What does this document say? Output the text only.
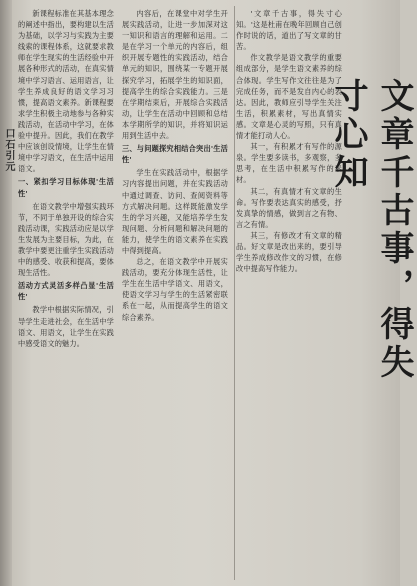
口石引元

新课程标准在其基本理念的阐述中指出，要构建以生活为基础，以学习与实践为主要线索的课程体系，这就要求教师在学生现实的生活经验中开展各种形式的活动，在真实情境中学习语言、运用语言，让学生养成良好的语文学习习惯，提高语文素养。新课程要求学生积极主动地参与各种实践活动，在活动中学习，在体验中提升。因此，我们在教学中应该创设情境，让学生在情境中学习语文，在生活中运用语文。

一、紧扣学习目标体现'生活性'

在语文教学中增强实践环节，不同于单独开设的综合实践活动课，实践活动应是以学生发展为主要目标，为此，在教学中要更注重学生实践活动中的感受、收获和提高，要体现生活性。

活动方式灵活多样凸显'生活性'

教学中根据实际情况，引导学生走进社会，在生活中学语文、用语文，让学生在实践中感受语文的魅力。

内容后，在课堂中对学生开展实践活动，让进一步加深对这一知识和语言的理解和运用。二是在学习一个单元的内容后，组织开展专题性的实践活动，结合单元的知识，围绕某一专题开展探究学习，拓展学生的知识面，提高学生的综合实践能力。三是在学期结束后，开展综合实践活动，让学生在活动中回顾和总结本学期所学的知识，并将知识运用到生活中去。

三、与问题探究相结合突出'生活性'

学生在实践活动中，根据学习内容提出问题，并在实践活动中通过调查、访问、查阅资料等方式解决问题。这样既能激发学生的学习兴趣，又能培养学生发现问题、分析问题和解决问题的能力，使学生的语文素养在实践中得到提高。

总之，在语文教学中开展实践活动，要充分体现生活性，让学生在生活中学语文、用语文，使语文学习与学生的生活紧密联系在一起，从而提高学生的语文综合素养。

'文章千古事，得失寸心知。'这是杜甫在晚年回顾自己创作时说的话，道出了写文章的甘苦。

作文教学是语文教学的重要组成部分，是学生语文素养的综合体现。学生写作文往往是为了完成任务，而不是发自内心的表达。因此，教师应引导学生关注生活，积累素材，写出真情实感。文章是心灵的写照，只有真情才能打动人心。

其一，有积累才有写作的源泉。学生要多读书，多观察，多思考，在生活中积累写作的素材。

其二，有真情才有文章的生命。写作要表达真实的感受，抒发真挚的情感，做到言之有物、言之有情。

其三，有修改才有文章的精品。好文章是改出来的，要引导学生养成修改作文的习惯，在修改中提高写作能力。	文章千古事，得失寸心知
